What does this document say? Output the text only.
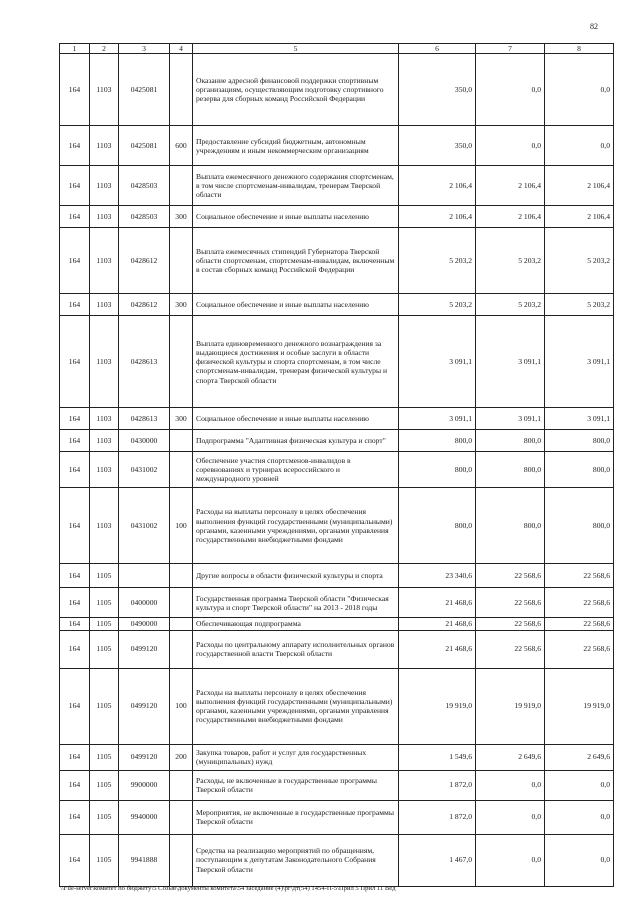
82
1	2	3	4	5	6	7	8
164	1103	0425081		Оказание адресной финансовой поддержки спортивным организациям, осуществляющим подготовку спортивного резерва для сборных команд Российской Федерации	350,0	0,0	0,0
164	1103	0425081	600	Предоставление субсидий бюджетным, автономным учреждениям и иным некоммерческим организациям	350,0	0,0	0,0
164	1103	0428503		Выплата ежемесячного денежного содержания спортсменам, в том числе спортсменам-инвалидам, тренерам Тверской области	2 106,4	2 106,4	2 106,4
164	1103	0428503	300	Социальное обеспечение и иные выплаты населению	2 106,4	2 106,4	2 106,4
164	1103	0428612		Выплата ежемесячных стипендий Губернатора Тверской области спортсменам, спортсменам-инвалидам, включенным в состав сборных команд Российской Федерации	5 203,2	5 203,2	5 203,2
164	1103	0428612	300	Социальное обеспечение и иные выплаты населению	5 203,2	5 203,2	5 203,2
164	1103	0428613		Выплата единовременного денежного вознаграждения за выдающиеся достижения и особые заслуги в области физической культуры и спорта спортсменам, в том числе спортсменам-инвалидам, тренерам физической культуры и спорта Тверской области	3 091,1	3 091,1	3 091,1
164	1103	0428613	300	Социальное обеспечение и иные выплаты населению	3 091,1	3 091,1	3 091,1
164	1103	0430000		Подпрограмма "Адаптивная физическая культура и спорт"	800,0	800,0	800,0
164	1103	0431002		Обеспечение участия спортсменов-инвалидов в соревнованиях и турнирах всероссийского и международного уровней	800,0	800,0	800,0
164	1103	0431002	100	Расходы на выплаты персоналу в целях обеспечения выполнения функций государственными (муниципальными) органами, казенными учреждениями, органами управления государственными внебюджетными фондами	800,0	800,0	800,0
164	1105			Другие вопросы в области физической культуры и спорта	23 340,6	22 568,6	22 568,6
164	1105	0400000		Государственная программа Тверской области "Физическая культура и спорт Тверской области" на 2013 - 2018 годы	21 468,6	22 568,6	22 568,6
164	1105	0490000		Обеспечивающая подпрограмма	21 468,6	22 568,6	22 568,6
164	1105	0499120		Расходы по центральному аппарату исполнительных органов государственной власти Тверской области	21 468,6	22 568,6	22 568,6
164	1105	0499120	100	Расходы на выплаты персоналу в целях обеспечения выполнения функций государственными (муниципальными) органами, казенными учреждениями, органами управления государственными внебюджетными фондами	19 919,0	19 919,0	19 919,0
164	1105	0499120	200	Закупка товаров, работ и услуг для государственных (муниципальных) нужд	1 549,6	2 649,6	2 649,6
164	1105	9900000		Расходы, не включенные в государственные программы Тверской области	1 872,0	0,0	0,0
164	1105	9940000		Мероприятия, не включенные в государственные программы Тверской области	1 872,0	0,0	0,0
164	1105	9941888		Средства на реализацию мероприятий по обращениям, поступающим к депутатам Законодательного Собрания Тверской области	1 467,0	0,0	0,0
\\File-server\комитет по бюджету\5 Созыв\документы комитета\54 заседание (4)\рг\дт(54) 1454-П-5\Прил 5 Прил 11 Вед
